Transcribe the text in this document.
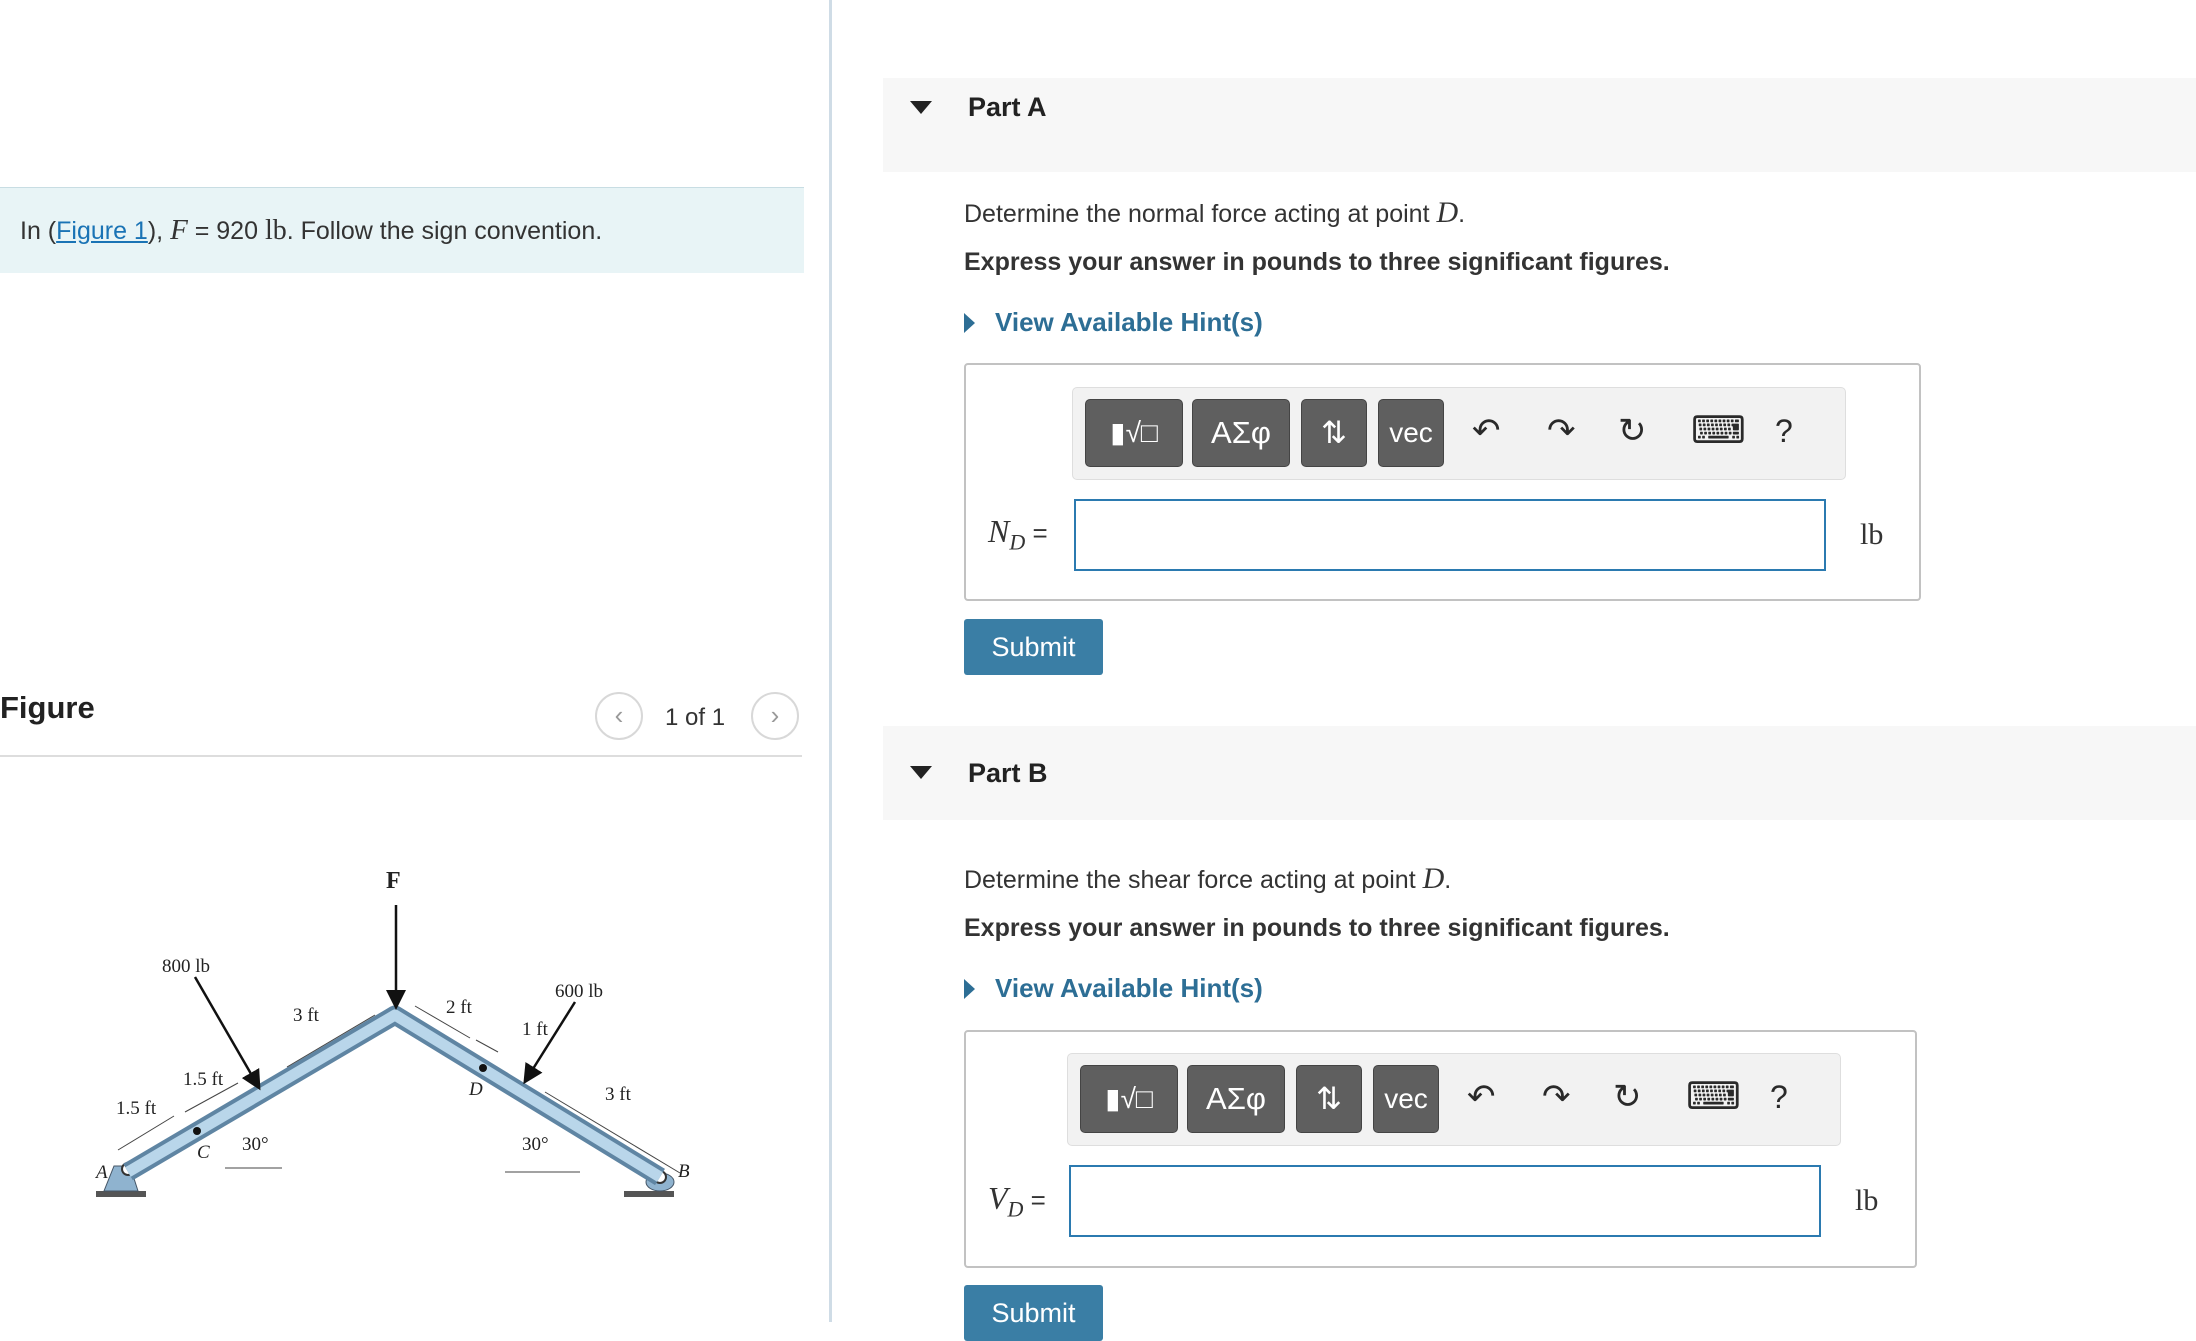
In (Figure 1), F = 920 lb. Follow the sign convention.
Figure	‹	1 of 1	›
F
800 lb
600 lb
3 ft	2 ft
1 ft
1.5 ft
1.5 ft
3 ft
30°	30°
A	B
C
D
Part A
Determine the normal force acting at point D.
Express your answer in pounds to three significant figures.
View Available Hint(s)
▮√□	ΑΣφ	⇅	vec	↶ ↷ ↻ ⌨ ?
$N_D$ =	lb
Submit
Part B
Determine the shear force acting at point D.
Express your answer in pounds to three significant figures.
View Available Hint(s)
▮√□	ΑΣφ	⇅	vec	↶ ↷ ↻ ⌨ ?
$V_D$ =	lb
Submit
